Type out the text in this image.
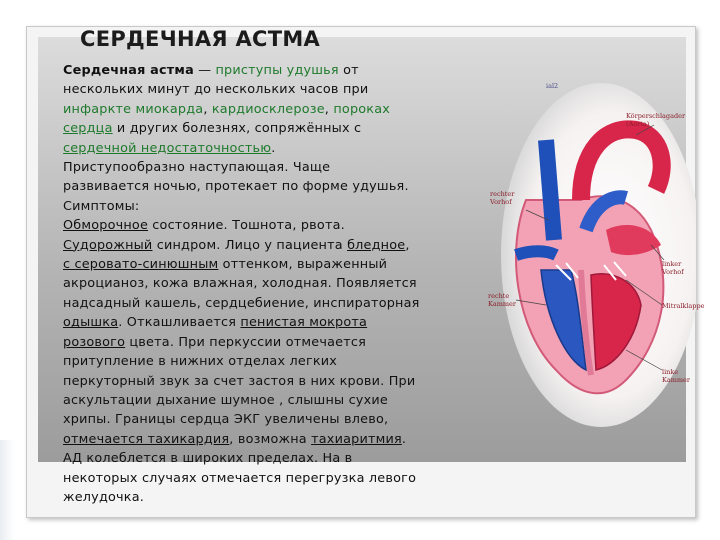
СЕРДЕЧНАЯ АСТМА
Сердечная астма — приступы удушья от
нескольких минут до нескольких часов при
инфаркте миокарда, кардиосклерозе, пороках
сердца и других болезнях, сопряжённых с
сердечной недостаточностью.
Приступообразно наступающая. Чаще
развивается ночью, протекает по форме удушья.
Симптомы:
Обморочное состояние. Тошнота, рвота.
Судорожный синдром. Лицо у пациента бледное,
с серовато-синюшным оттенком, выраженный
акроцианоз, кожа влажная, холодная. Появляется
надсадный кашель, сердцебиение, инспираторная
одышка. Откашливается пенистая мокрота
розового цвета. При перкуссии отмечается
притупление в нижних отделах легких
перкуторный звук за счет застоя в них крови. При
аскультации дыхание шумное , слышны сухие
хрипы. Границы сердца ЭКГ увеличены влево,
отмечается тахикардия, возможна тахиаритмия.
АД колеблется в широких пределах. На в
некоторых случаях отмечается перегрузка левого
желудочка.
ial2
Körperschlagader (Aorta)
rechter Vorhof
linker Vorhof
Mitralklappe
linke Kammer
rechte Kammer
